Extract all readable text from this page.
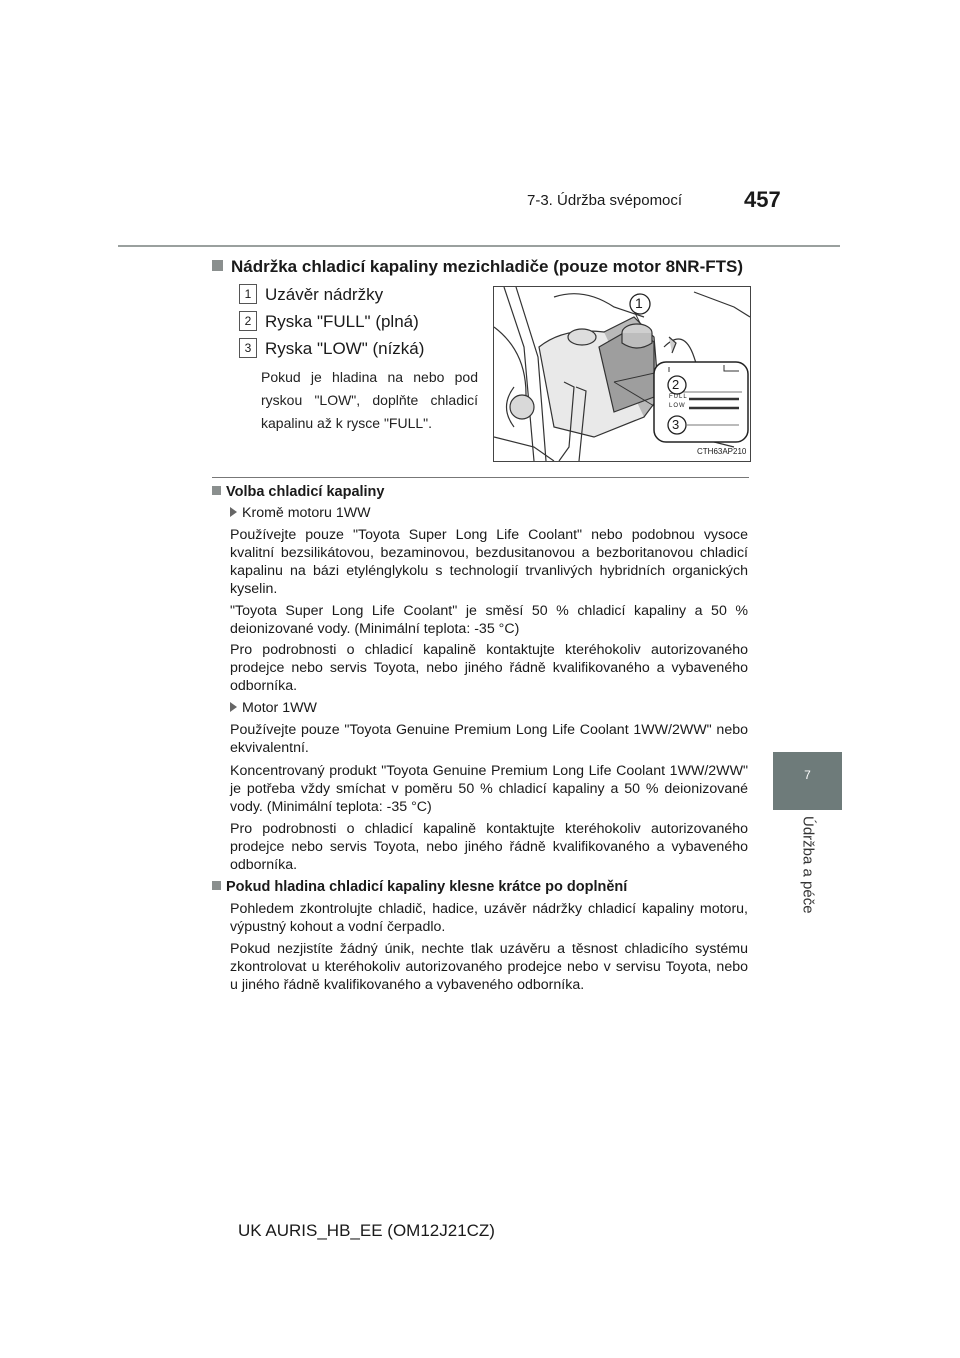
7-3. Údržba svépomocí	457
7
Údržba a péče
Nádržka chladicí kapaliny mezichladiče (pouze motor 8NR-FTS)
1 Uzávěr nádržky
2 Ryska "FULL" (plná)
3 Ryska "LOW" (nízká)
Pokud je hladina na nebo pod ryskou "LOW", doplňte chladicí kapalinu až k rysce "FULL".
1
2
3
FULL
LOW
CTH63AP210
Volba chladicí kapaliny
Kromě motoru 1WW
Používejte pouze "Toyota Super Long Life Coolant" nebo podobnou vysoce kvalitní bezsilikátovou, bezaminovou, bezdusitanovou a bezboritanovou chladicí kapalinu na bázi etylénglykolu s technologií trvanlivých hybridních organických kyselin.
"Toyota Super Long Life Coolant" je směsí 50 % chladicí kapaliny a 50 % deionizované vody. (Minimální teplota: -35 °C)
Pro podrobnosti o chladicí kapalině kontaktujte kteréhokoliv autorizovaného prodejce nebo servis Toyota, nebo jiného řádně kvalifikovaného a vybaveného odborníka.
Motor 1WW
Používejte pouze "Toyota Genuine Premium Long Life Coolant 1WW/2WW" nebo ekvivalentní.
Koncentrovaný produkt "Toyota Genuine Premium Long Life Coolant 1WW/2WW" je potřeba vždy smíchat v poměru 50 % chladicí kapaliny a 50 % deionizované vody. (Minimální teplota: -35 °C)
Pro podrobnosti o chladicí kapalině kontaktujte kteréhokoliv autorizovaného prodejce nebo servis Toyota, nebo jiného řádně kvalifikovaného a vybaveného odborníka.
Pokud hladina chladicí kapaliny klesne krátce po doplnění
Pohledem zkontrolujte chladič, hadice, uzávěr nádržky chladicí kapaliny motoru, výpustný kohout a vodní čerpadlo.
Pokud nezjistíte žádný únik, nechte tlak uzávěru a těsnost chladicího systému zkontrolovat u kteréhokoliv autorizovaného prodejce nebo v servisu Toyota, nebo u jiného řádně kvalifikovaného a vybaveného odborníka.
UK AURIS_HB_EE (OM12J21CZ)
